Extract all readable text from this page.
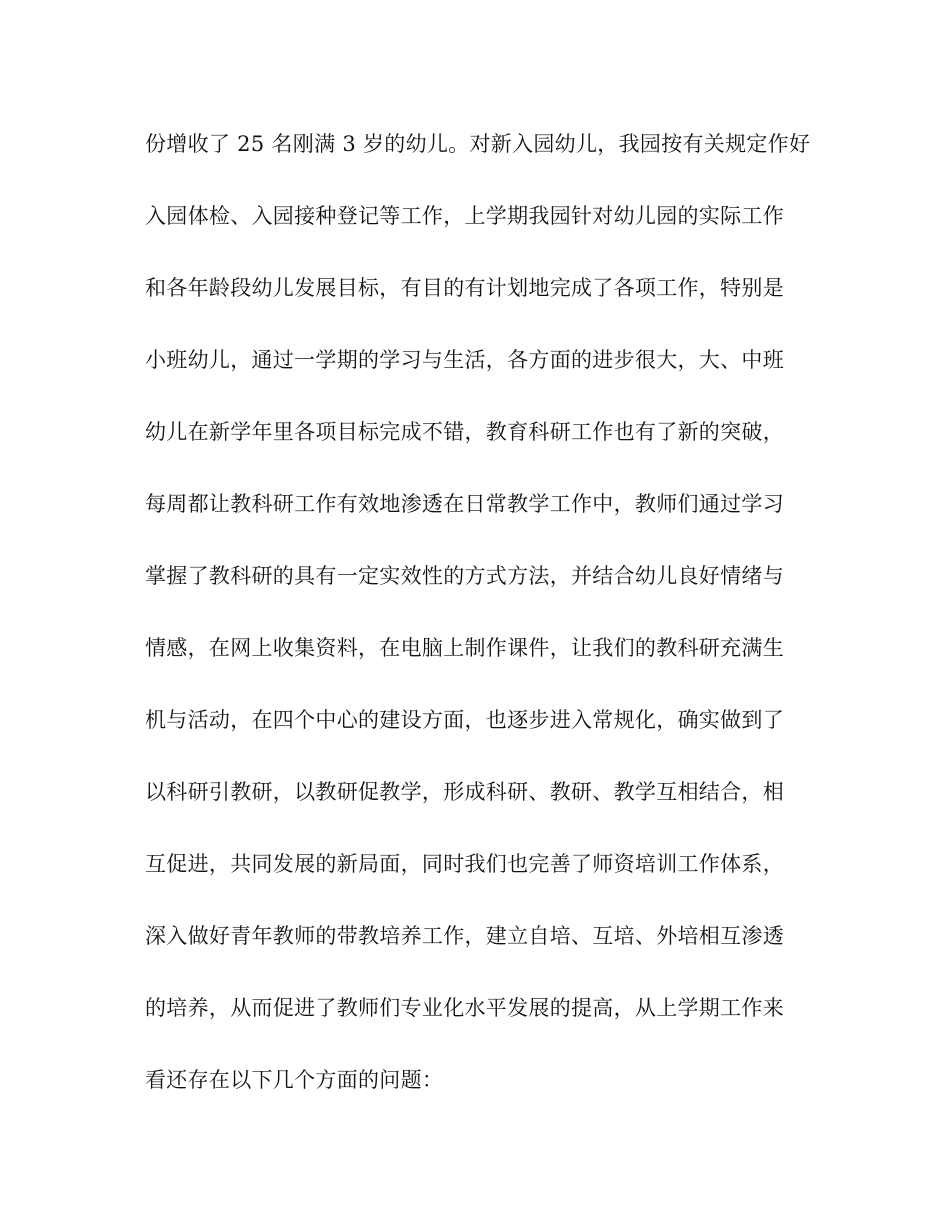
份增收了 25 名刚满 3 岁的幼儿。对新入园幼儿，我园按有关规定作好
入园体检、入园接种登记等工作，上学期我园针对幼儿园的实际工作
和各年龄段幼儿发展目标，有目的有计划地完成了各项工作，特别是
小班幼儿，通过一学期的学习与生活，各方面的进步很大，大、中班
幼儿在新学年里各项目标完成不错，教育科研工作也有了新的突破，
每周都让教科研工作有效地渗透在日常教学工作中，教师们通过学习
掌握了教科研的具有一定实效性的方式方法，并结合幼儿良好情绪与
情感，在网上收集资料，在电脑上制作课件，让我们的教科研充满生
机与活动，在四个中心的建设方面，也逐步进入常规化，确实做到了
以科研引教研，以教研促教学，形成科研、教研、教学互相结合，相
互促进，共同发展的新局面，同时我们也完善了师资培训工作体系，
深入做好青年教师的带教培养工作，建立自培、互培、外培相互渗透
的培养，从而促进了教师们专业化水平发展的提高，从上学期工作来
看还存在以下几个方面的问题：
